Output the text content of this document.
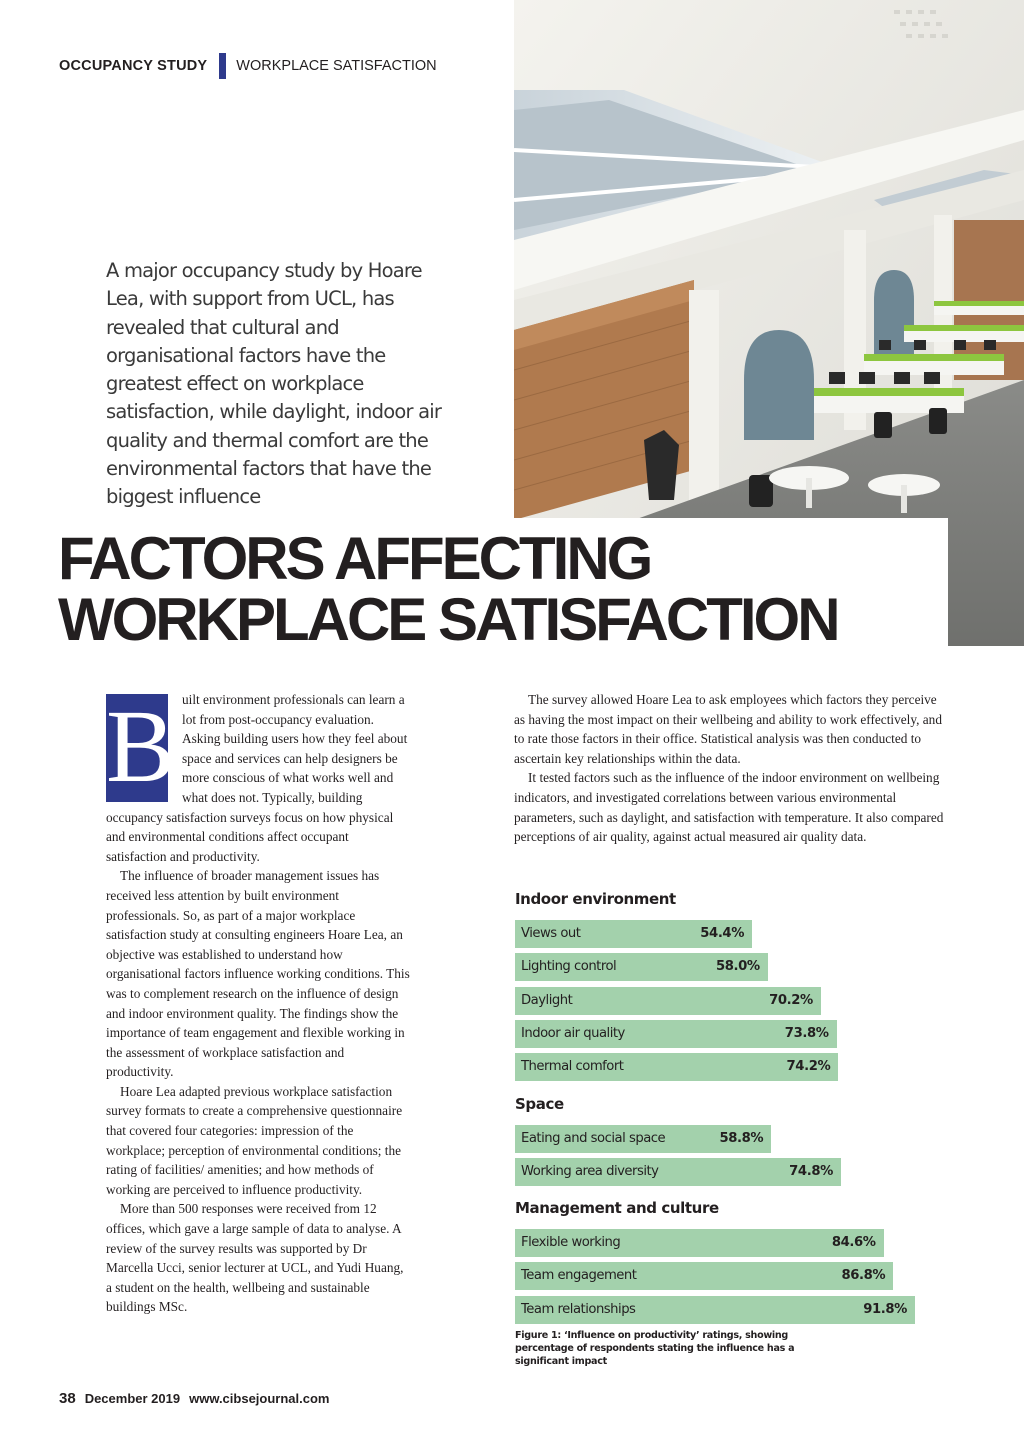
OCCUPANCY STUDY WORKPLACE SATISFACTION

A major occupancy study by Hoare Lea, with support from UCL, has revealed that cultural and organisational factors have the greatest effect on workplace satisfaction, while daylight, indoor air quality and thermal comfort are the environmental factors that have the biggest influence

FACTORS AFFECTING
WORKPLACE SATISFACTION

B uilt environment professionals can learn a lot from post-occupancy evaluation. Asking building users how they feel about space and services can help designers be more conscious of what works well and what does not. Typically, building occupancy satisfaction surveys focus on how physical and environmental conditions affect occupant satisfaction and productivity.

The influence of broader management issues has received less attention by built environment professionals. So, as part of a major workplace satisfaction study at consulting engineers Hoare Lea, an objective was established to understand how organisational factors influence working conditions. This was to complement research on the influence of design and indoor environment quality. The findings show the importance of team engagement and flexible working in the assessment of workplace satisfaction and productivity.

Hoare Lea adapted previous workplace satisfaction survey formats to create a comprehensive questionnaire that covered four categories: impression of the workplace; perception of environmental conditions; the rating of facilities/ amenities; and how methods of working are perceived to influence productivity.

More than 500 responses were received from 12 offices, which gave a large sample of data to analyse. A review of the survey results was supported by Dr Marcella Ucci, senior lecturer at UCL, and Yudi Huang, a student on the health, wellbeing and sustainable buildings MSc.

The survey allowed Hoare Lea to ask employees which factors they perceive as having the most impact on their wellbeing and ability to work effectively, and to rate those factors in their office. Statistical analysis was then conducted to ascertain key relationships within the data.

It tested factors such as the influence of the indoor environment on wellbeing indicators, and investigated correlations between various environmental parameters, such as daylight, and satisfaction with temperature. It also compared perceptions of air quality, against actual measured air quality data.

Indoor environment
Views out	54.4%
Lighting control	58.0%
Daylight	70.2%
Indoor air quality	73.8%
Thermal comfort	74.2%
Space
Eating and social space	58.8%
Working area diversity	74.8%
Management and culture
Flexible working	84.6%
Team engagement	86.8%
Team relationships	91.8%

Figure 1: ‘Influence on productivity’ ratings, showing percentage of respondents stating the influence has a significant impact

38 December 2019 www.cibsejournal.com
